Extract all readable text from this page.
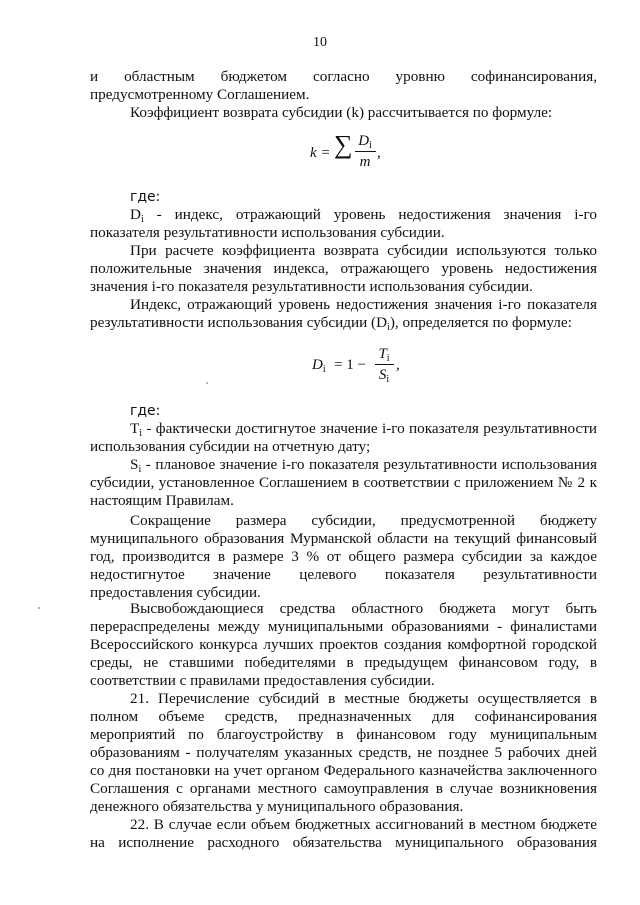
10
и областным бюджетом согласно уровню софинансирования,
предусмотренному Соглашением.
Коэффициент возврата субсидии (k) рассчитывается по формуле:
k = ∑ $D_i$
m
,
где:
Di - индекс, отражающий уровень недостижения значения i-го
показателя результативности использования субсидии.
При расчете коэффициента возврата субсидии используются только
положительные значения индекса, отражающего уровень недостижения
значения i-го показателя результативности использования субсидии.
Индекс, отражающий уровень недостижения значения i-го показателя
результативности использования субсидии (Di), определяется по формуле:
$D_i = 1$ −
$T_i$
$S_i$
,
где:
Ti - фактически достигнутое значение i-го показателя результативности
использования субсидии на отчетную дату;
Si - плановое значение i-го показателя результативности использования
субсидии, установленное Соглашением в соответствии с приложением № 2 к
настоящим Правилам.
Сокращение размера субсидии, предусмотренной бюджету
муниципального образования Мурманской области на текущий финансовый
год, производится в размере 3 % от общего размера субсидии за каждое
недостигнутое значение целевого показателя результативности
предоставления субсидии.
Высвобождающиеся средства областного бюджета могут быть
перераспределены между муниципальными образованиями - финалистами
Всероссийского конкурса лучших проектов создания комфортной городской
среды, не ставшими победителями в предыдущем финансовом году, в
соответствии с правилами предоставления субсидии.
21. Перечисление субсидий в местные бюджеты осуществляется в
полном объеме средств, предназначенных для софинансирования
мероприятий по благоустройству в финансовом году муниципальным
образованиям - получателям указанных средств, не позднее 5 рабочих дней
со дня постановки на учет органом Федерального казначейства заключенного
Соглашения с органами местного самоуправления в случае возникновения
денежного обязательства у муниципального образования.
22. В случае если объем бюджетных ассигнований в местном бюджете
на исполнение расходного обязательства муниципального образования
